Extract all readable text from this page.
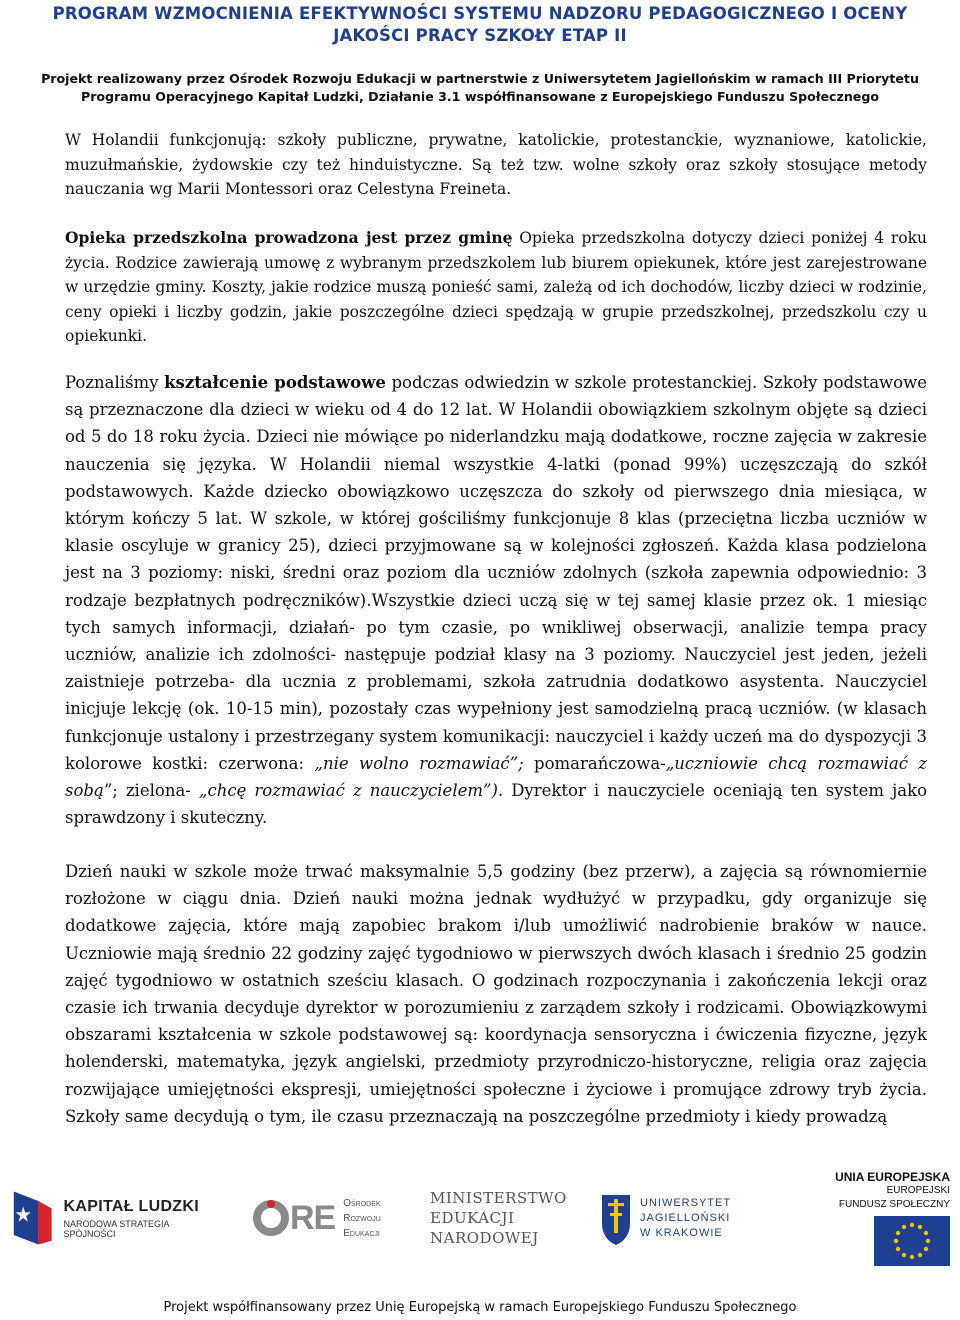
PROGRAM WZMOCNIENIA EFEKTYWNOŚCI SYSTEMU NADZORU PEDAGOGICZNEGO I OCENY
JAKOŚCI PRACY SZKOŁY ETAP II
Projekt realizowany przez Ośrodek Rozwoju Edukacji w partnerstwie z Uniwersytetem Jagiellońskim w ramach III Priorytetu
Programu Operacyjnego Kapitał Ludzki, Działanie 3.1 współfinansowane z Europejskiego Funduszu Społecznego
W Holandii funkcjonują: szkoły publiczne, prywatne, katolickie, protestanckie, wyznaniowe, katolickie, muzułmańskie, żydowskie czy też hinduistyczne. Są też tzw. wolne szkoły oraz szkoły stosujące metody nauczania wg Marii Montessori oraz Celestyna Freineta.
Opieka przedszkolna prowadzona jest przez gminę Opieka przedszkolna dotyczy dzieci poniżej 4 roku życia. Rodzice zawierają umowę z wybranym przedszkolem lub biurem opiekunek, które jest zarejestrowane w urzędzie gminy. Koszty, jakie rodzice muszą ponieść sami, zależą od ich dochodów, liczby dzieci w rodzinie, ceny opieki i liczby godzin, jakie poszczególne dzieci spędzają w grupie przedszkolnej, przedszkolu czy u opiekunki.
Poznaliśmy kształcenie podstawowe podczas odwiedzin w szkole protestanckiej. Szkoły podstawowe są przeznaczone dla dzieci w wieku od 4 do 12 lat. W Holandii obowiązkiem szkolnym objęte są dzieci od 5 do 18 roku życia. Dzieci nie mówiące po niderlandzku mają dodatkowe, roczne zajęcia w zakresie nauczenia się języka. W Holandii niemal wszystkie 4-latki (ponad 99%) uczęszczają do szkół podstawowych. Każde dziecko obowiązkowo uczęszcza do szkoły od pierwszego dnia miesiąca, w którym kończy 5 lat. W szkole, w której gościliśmy funkcjonuje 8 klas (przeciętna liczba uczniów w klasie oscyluje w granicy 25), dzieci przyjmowane są w kolejności zgłoszeń. Każda klasa podzielona jest na 3 poziomy: niski, średni oraz poziom dla uczniów zdolnych (szkoła zapewnia odpowiednio: 3 rodzaje bezpłatnych podręczników).Wszystkie dzieci uczą się w tej samej klasie przez ok. 1 miesiąc tych samych informacji, działań- po tym czasie, po wnikliwej obserwacji, analizie tempa pracy uczniów, analizie ich zdolności- następuje podział klasy na 3 poziomy. Nauczyciel jest jeden, jeżeli zaistnieje potrzeba- dla ucznia z problemami, szkoła zatrudnia dodatkowo asystenta. Nauczyciel inicjuje lekcję (ok. 10-15 min), pozostały czas wypełniony jest samodzielną pracą uczniów. (w klasach funkcjonuje ustalony i przestrzegany system komunikacji: nauczyciel i każdy uczeń ma do dyspozycji 3 kolorowe kostki: czerwona: „nie wolno rozmawiać”; pomarańczowa-„uczniowie chcą rozmawiać z sobą”; zielona- „chcę rozmawiać z nauczycielem”). Dyrektor i nauczyciele oceniają ten system jako sprawdzony i skuteczny.
Dzień nauki w szkole może trwać maksymalnie 5,5 godziny (bez przerw), a zajęcia są równomiernie rozłożone w ciągu dnia. Dzień nauki można jednak wydłużyć w przypadku, gdy organizuje się dodatkowe zajęcia, które mają zapobiec brakom i/lub umożliwić nadrobienie braków w nauce. Uczniowie mają średnio 22 godziny zajęć tygodniowo w pierwszych dwóch klasach i średnio 25 godzin zajęć tygodniowo w ostatnich sześciu klasach. O godzinach rozpoczynania i zakończenia lekcji oraz czasie ich trwania decyduje dyrektor w porozumieniu z zarządem szkoły i rodzicami. Obowiązkowymi obszarami kształcenia w szkole podstawowej są: koordynacja sensoryczna i ćwiczenia fizyczne, język holenderski, matematyka, język angielski, przedmioty przyrodniczo-historyczne, religia oraz zajęcia rozwijające umiejętności ekspresji, umiejętności społeczne i życiowe i promujące zdrowy tryb życia. Szkoły same decydują o tym, ile czasu przeznaczają na poszczególne przedmioty i kiedy prowadzą
KAPITAŁ LUDZKI
NARODOWA STRATEGIA SPÓJNOŚCI	RE Ośrodek
Rozwoju
Edukacji
MINISTERSTWO
EDUKACJI
NARODOWEJ
UNIWERSYTET
JAGIELLOŃSKI
W KRAKOWIE
UNIA EUROPEJSKA
EUROPEJSKI
FUNDUSZ SPOŁECZNY
Projekt współfinansowany przez Unię Europejską w ramach Europejskiego Funduszu Społecznego
